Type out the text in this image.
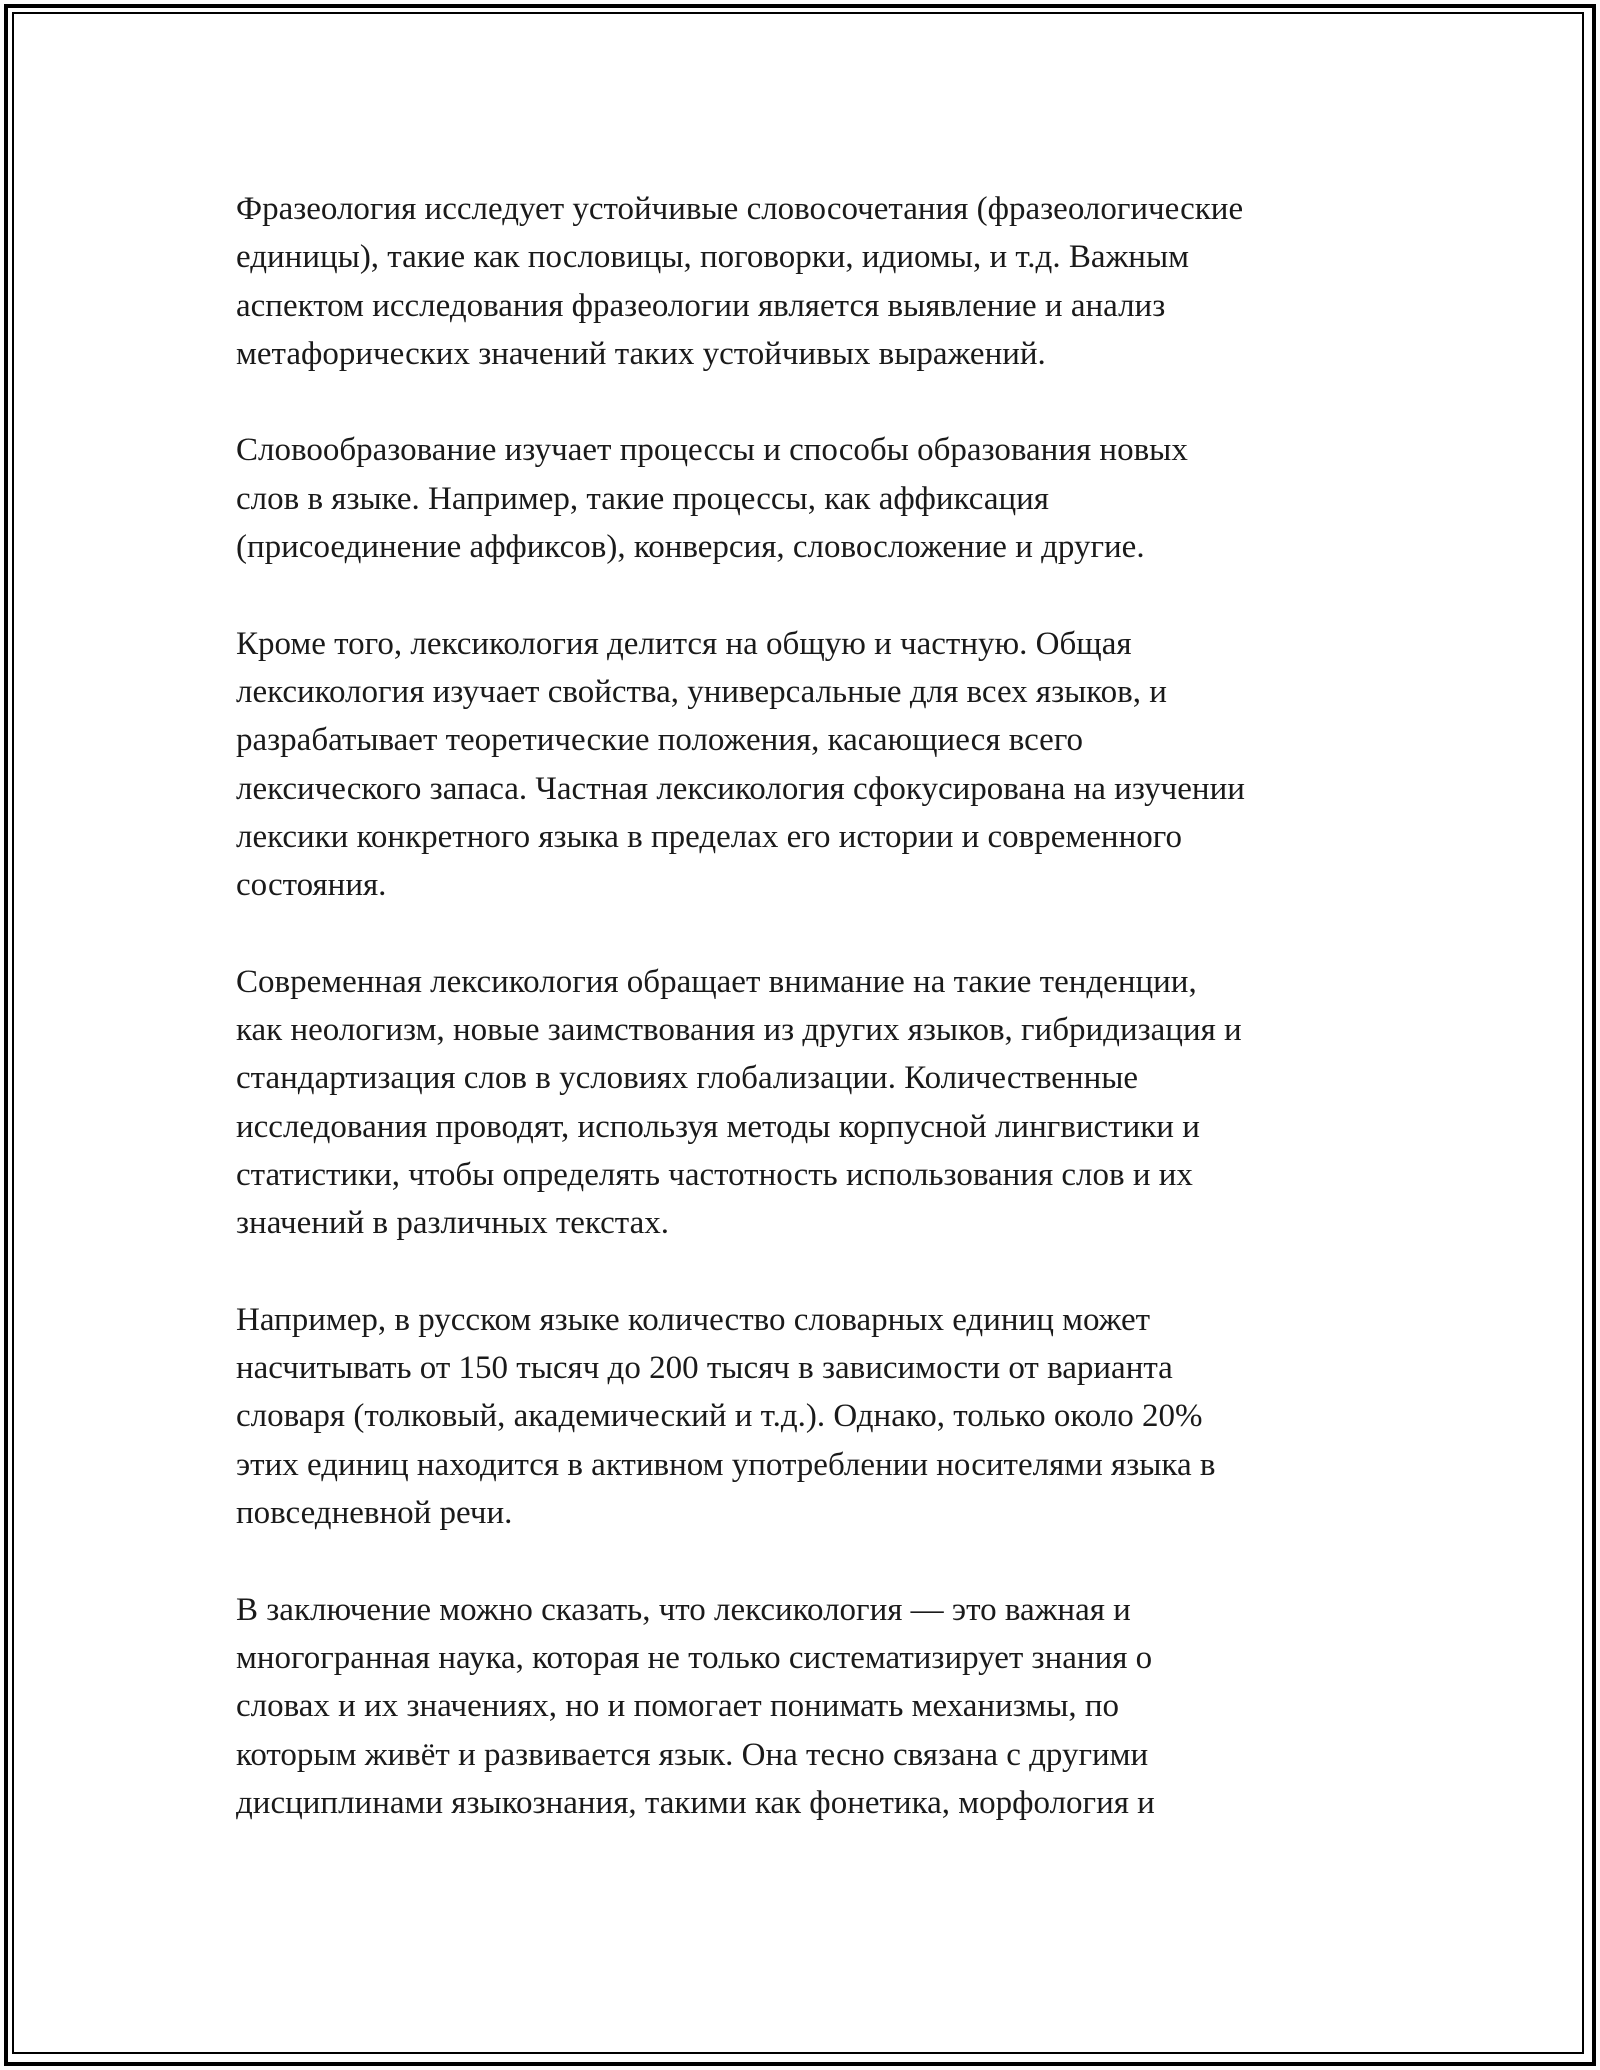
Фразеология исследует устойчивые словосочетания (фразеологические
единицы), такие как пословицы, поговорки, идиомы, и т.д. Важным
аспектом исследования фразеологии является выявление и анализ
метафорических значений таких устойчивых выражений.

Словообразование изучает процессы и способы образования новых
слов в языке. Например, такие процессы, как аффиксация
(присоединение аффиксов), конверсия, словосложение и другие.

Кроме того, лексикология делится на общую и частную. Общая
лексикология изучает свойства, универсальные для всех языков, и
разрабатывает теоретические положения, касающиеся всего
лексического запаса. Частная лексикология сфокусирована на изучении
лексики конкретного языка в пределах его истории и современного
состояния.

Современная лексикология обращает внимание на такие тенденции,
как неологизм, новые заимствования из других языков, гибридизация и
стандартизация слов в условиях глобализации. Количественные
исследования проводят, используя методы корпусной лингвистики и
статистики, чтобы определять частотность использования слов и их
значений в различных текстах.

Например, в русском языке количество словарных единиц может
насчитывать от 150 тысяч до 200 тысяч в зависимости от варианта
словаря (толковый, академический и т.д.). Однако, только около 20%
этих единиц находится в активном употреблении носителями языка в
повседневной речи.

В заключение можно сказать, что лексикология — это важная и
многогранная наука, которая не только систематизирует знания о
словах и их значениях, но и помогает понимать механизмы, по
которым живёт и развивается язык. Она тесно связана с другими
дисциплинами языкознания, такими как фонетика, морфология и
